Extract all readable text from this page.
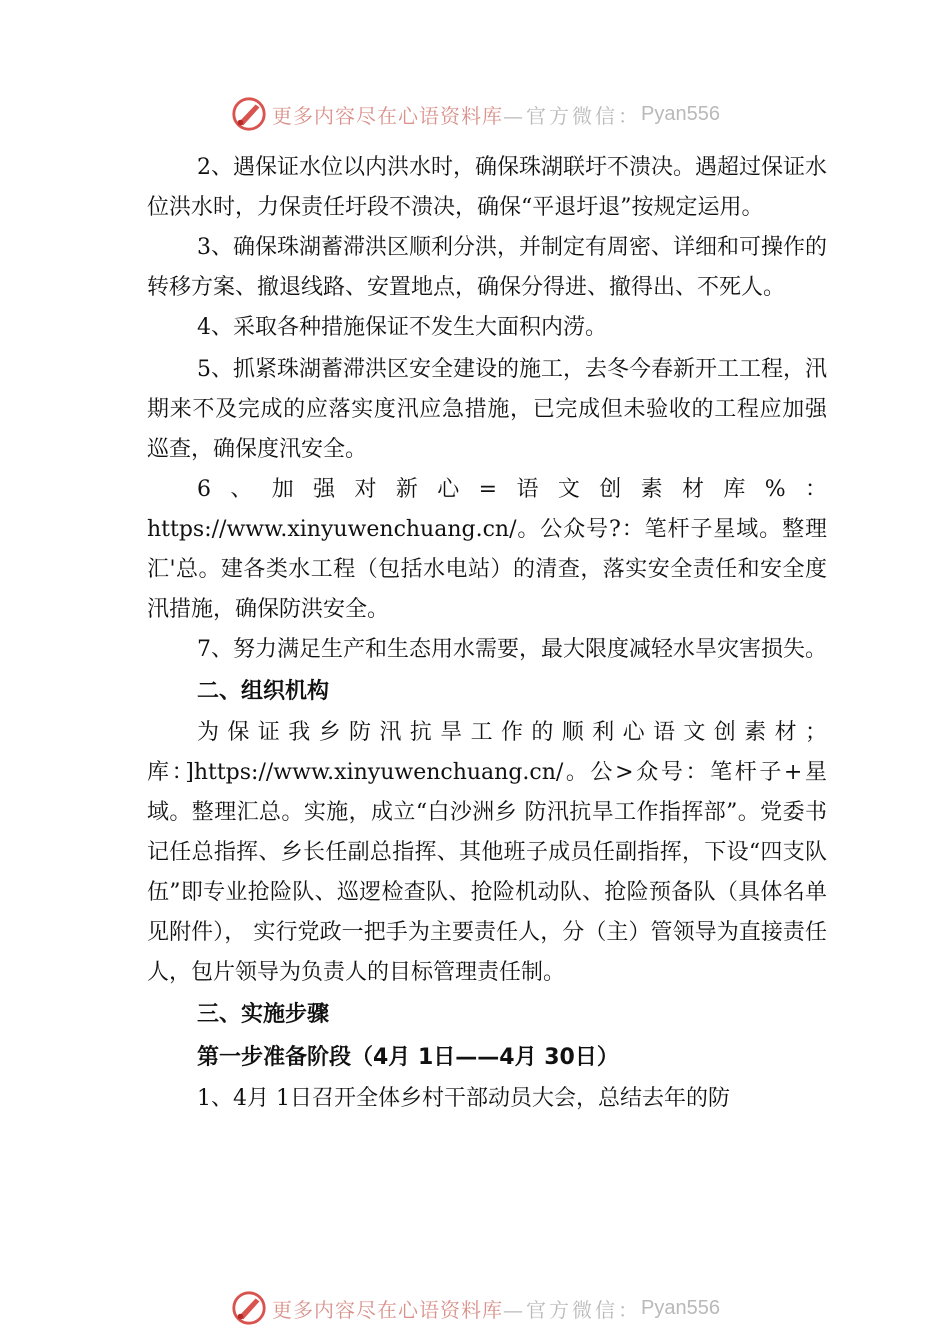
更多内容尽在心语资料库 —官方微信： Pyan556

2、遇保证水位以内洪水时，确保珠湖联圩不溃决。遇超过保证水位洪水时，力保责任圩段不溃决，确保“平退圩退”按规定运用。

3、确保珠湖蓄滞洪区顺利分洪，并制定有周密、详细和可操作的转移方案、撤退线路、安置地点，确保分得进、撤得出、不死人。

4、采取各种措施保证不发生大面积内涝。

5、抓紧珠湖蓄滞洪区安全建设的施工，去冬今春新开工工程，汛期来不及完成的应落实度汛应急措施，已完成但未验收的工程应加强巡查，确保度汛安全。

6、加强对新心=语文创素材库%：https://www.xinyuwenchuang.cn/。公众号?：笔杆子星域。整理汇'总。建各类水工程（包括水电站）的清查，落实安全责任和安全度汛措施，确保防洪安全。

7、努力满足生产和生态用水需要，最大限度减轻水旱灾害损失。

二、组织机构

为保证我乡防汛抗旱工作的顺利心语文创素材；库：]https://www.xinyuwenchuang.cn/。公>众号：笔杆子+星域。整理汇总。实施，成立“白沙洲乡 防汛抗旱工作指挥部”。党委书记任总指挥、乡长任副总指挥、其他班子成员任副指挥，下设“四支队伍”即专业抢险队、巡逻检查队、抢险机动队、抢险预备队（具体名单见附件）， 实行党政一把手为主要责任人，分（主）管领导为直接责任 人，包片领导为负责人的目标管理责任制。

三、实施步骤

第一步准备阶段（4月 1日——4月 30日）

1、4月 1日召开全体乡村干部动员大会，总结去年的防

更多内容尽在心语资料库 —官方微信： Pyan556
